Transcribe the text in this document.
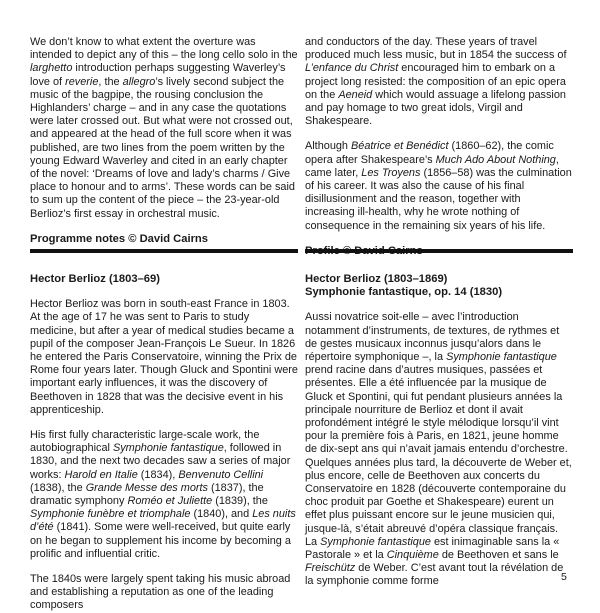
We don’t know to what extent the overture was intended to depict any of this – the long cello solo in the larghetto introduction perhaps suggesting Waverley’s love of reverie, the allegro’s lively second subject the music of the bagpipe, the rousing conclusion the Highlanders’ charge – and in any case the quotations were later crossed out. But what were not crossed out, and appeared at the head of the full score when it was published, are two lines from the poem written by the young Edward Waverley and cited in an early chapter of the novel: ‘Dreams of love and lady’s charms / Give place to honour and to arms’. These words can be said to sum up the content of the piece – the 23-year-old Berlioz’s first essay in orchestral music.

Programme notes © David Cairns

and conductors of the day. These years of travel produced much less music, but in 1854 the success of L’enfance du Christ encouraged him to embark on a project long resisted: the composition of an epic opera on the Aeneid which would assuage a lifelong passion and pay homage to two great idols, Virgil and Shakespeare.

Although Béatrice et Benédict (1860–62), the comic opera after Shakespeare’s Much Ado About Nothing, came later, Les Troyens (1856–58) was the culmination of his career. It was also the cause of his final disillusionment and the reason, together with increasing ill-health, why he wrote nothing of consequence in the remaining six years of his life.

Hector Berlioz (1803–69)

Hector Berlioz was born in south-east France in 1803. At the age of 17 he was sent to Paris to study medicine, but after a year of medical studies became a pupil of the composer Jean-François Le Sueur. In 1826 he entered the Paris Conservatoire, winning the Prix de Rome four years later. Though Gluck and Spontini were important early influences, it was the discovery of Beethoven in 1828 that was the decisive event in his apprenticeship.

His first fully characteristic large-scale work, the autobiographical Symphonie fantastique, followed in 1830, and the next two decades saw a series of major works: Harold en Italie (1834), Benvenuto Cellini (1838), the Grande Messe des morts (1837), the dramatic symphony Roméo et Juliette (1839), the Symphonie funèbre et triomphale (1840), and Les nuits d’été (1841). Some were well-received, but quite early on he began to supplement his income by becoming a prolific and influential critic.

The 1840s were largely spent taking his music abroad and establishing a reputation as one of the leading composers

Hector Berlioz (1803–1869)
Symphonie fantastique, op. 14 (1830)

Aussi novatrice soit-elle – avec l’introduction notamment d’instruments, de textures, de rythmes et de gestes musicaux inconnus jusqu’alors dans le répertoire symphonique –, la Symphonie fantastique prend racine dans d’autres musiques, passées et présentes. Elle a été influencée par la musique de Gluck et Spontini, qui fut pendant plusieurs années la principale nourriture de Berlioz et dont il avait profondément intégré le style mélodique lorsqu’il vint pour la première fois à Paris, en 1821, jeune homme de dix-sept ans qui n’avait jamais entendu d’orchestre. Quelques années plus tard, la découverte de Weber et, plus encore, celle de Beethoven aux concerts du Conservatoire en 1828 (découverte contemporaine du choc produit par Goethe et Shakespeare) eurent un effet plus puissant encore sur le jeune musicien qui, jusque-là, s’était abreuvé d’opéra classique français. La Symphonie fantastique est inimaginable sans la « Pastorale » et la Cinquième de Beethoven et sans le Freischütz de Weber. C’est avant tout la révélation de la symphonie comme forme	5
